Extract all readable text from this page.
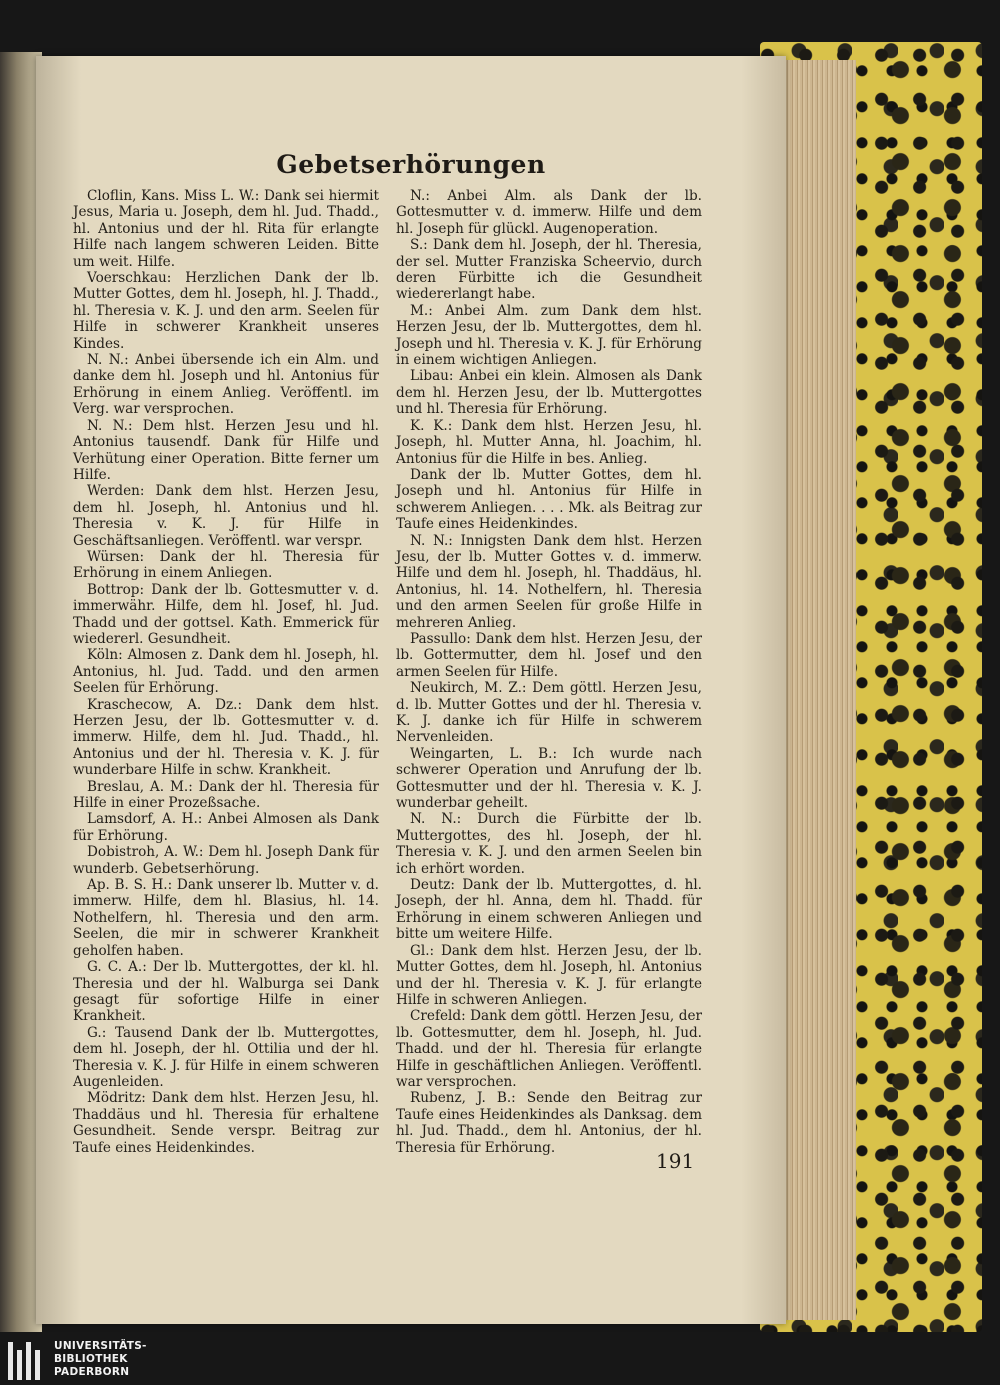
Gebetserhörungen

Cloflin, Kans. Miss L. W.: Dank sei hiermit Jesus, Maria u. Joseph, dem hl. Jud. Thadd., hl. Antonius und der hl. Rita für erlangte Hilfe nach langem schweren Leiden. Bitte um weit. Hilfe.

Voerschkau: Herzlichen Dank der lb. Mutter Gottes, dem hl. Joseph, hl. J. Thadd., hl. Theresia v. K. J. und den arm. Seelen für Hilfe in schwerer Krankheit unseres Kindes.

N. N.: Anbei übersende ich ein Alm. und danke dem hl. Joseph und hl. Antonius für Erhörung in einem Anlieg. Veröffentl. im Verg. war versprochen.

N. N.: Dem hlst. Herzen Jesu und hl. Antonius tausendf. Dank für Hilfe und Verhütung einer Operation. Bitte ferner um Hilfe.

Werden: Dank dem hlst. Herzen Jesu, dem hl. Joseph, hl. Antonius und hl. Theresia v. K. J. für Hilfe in Geschäftsanliegen. Veröffentl. war verspr.

Würsen: Dank der hl. Theresia für Erhörung in einem Anliegen.

Bottrop: Dank der lb. Gottesmutter v. d. immerwähr. Hilfe, dem hl. Josef, hl. Jud. Thadd und der gottsel. Kath. Emmerick für wiedererl. Gesundheit.

Köln: Almosen z. Dank dem hl. Joseph, hl. Antonius, hl. Jud. Tadd. und den armen Seelen für Erhörung.

Kraschecow, A. Dz.: Dank dem hlst. Herzen Jesu, der lb. Gottesmutter v. d. immerw. Hilfe, dem hl. Jud. Thadd., hl. Antonius und der hl. Theresia v. K. J. für wunderbare Hilfe in schw. Krankheit.

Breslau, A. M.: Dank der hl. Theresia für Hilfe in einer Prozeßsache.

Lamsdorf, A. H.: Anbei Almosen als Dank für Erhörung.

Dobistroh, A. W.: Dem hl. Joseph Dank für wunderb. Gebetserhörung.

Ap. B. S. H.: Dank unserer lb. Mutter v. d. immerw. Hilfe, dem hl. Blasius, hl. 14. Nothelfern, hl. Theresia und den arm. Seelen, die mir in schwerer Krankheit geholfen haben.

G. C. A.: Der lb. Muttergottes, der kl. hl. Theresia und der hl. Walburga sei Dank gesagt für sofortige Hilfe in einer Krankheit.

G.: Tausend Dank der lb. Muttergottes, dem hl. Joseph, der hl. Ottilia und der hl. Theresia v. K. J. für Hilfe in einem schweren Augenleiden.

Mödritz: Dank dem hlst. Herzen Jesu, hl. Thaddäus und hl. Theresia für erhaltene Gesundheit. Sende verspr. Beitrag zur Taufe eines Heidenkindes.

N.: Anbei Alm. als Dank der lb. Gottesmutter v. d. immerw. Hilfe und dem hl. Joseph für glückl. Augenoperation.

S.: Dank dem hl. Joseph, der hl. Theresia, der sel. Mutter Franziska Scheervio, durch deren Fürbitte ich die Gesundheit wiedererlangt habe.

M.: Anbei Alm. zum Dank dem hlst. Herzen Jesu, der lb. Muttergottes, dem hl. Joseph und hl. Theresia v. K. J. für Erhörung in einem wichtigen Anliegen.

Libau: Anbei ein klein. Almosen als Dank dem hl. Herzen Jesu, der lb. Muttergottes und hl. Theresia für Erhörung.

K. K.: Dank dem hlst. Herzen Jesu, hl. Joseph, hl. Mutter Anna, hl. Joachim, hl. Antonius für die Hilfe in bes. Anlieg.

Dank der lb. Mutter Gottes, dem hl. Joseph und hl. Antonius für Hilfe in schwerem Anliegen. . . . Mk. als Beitrag zur Taufe eines Heidenkindes.

N. N.: Innigsten Dank dem hlst. Herzen Jesu, der lb. Mutter Gottes v. d. immerw. Hilfe und dem hl. Joseph, hl. Thaddäus, hl. Antonius, hl. 14. Nothelfern, hl. Theresia und den armen Seelen für große Hilfe in mehreren Anlieg.

Passullo: Dank dem hlst. Herzen Jesu, der lb. Gottermutter, dem hl. Josef und den armen Seelen für Hilfe.

Neukirch, M. Z.: Dem göttl. Herzen Jesu, d. lb. Mutter Gottes und der hl. Theresia v. K. J. danke ich für Hilfe in schwerem Nervenleiden.

Weingarten, L. B.: Ich wurde nach schwerer Operation und Anrufung der lb. Gottesmutter und der hl. Theresia v. K. J. wunderbar geheilt.

N. N.: Durch die Fürbitte der lb. Muttergottes, des hl. Joseph, der hl. Theresia v. K. J. und den armen Seelen bin ich erhört worden.

Deutz: Dank der lb. Muttergottes, d. hl. Joseph, der hl. Anna, dem hl. Thadd. für Erhörung in einem schweren Anliegen und bitte um weitere Hilfe.

Gl.: Dank dem hlst. Herzen Jesu, der lb. Mutter Gottes, dem hl. Joseph, hl. Antonius und der hl. Theresia v. K. J. für erlangte Hilfe in schweren Anliegen.

Crefeld: Dank dem göttl. Herzen Jesu, der lb. Gottesmutter, dem hl. Joseph, hl. Jud. Thadd. und der hl. Theresia für erlangte Hilfe in geschäftlichen Anliegen. Veröffentl. war versprochen.

Rubenz, J. B.: Sende den Beitrag zur Taufe eines Heidenkindes als Danksag. dem hl. Jud. Thadd., dem hl. Antonius, der hl. Theresia für Erhörung.

191
UNIVERSITÄTS-
BIBLIOTHEK
PADERBORN
